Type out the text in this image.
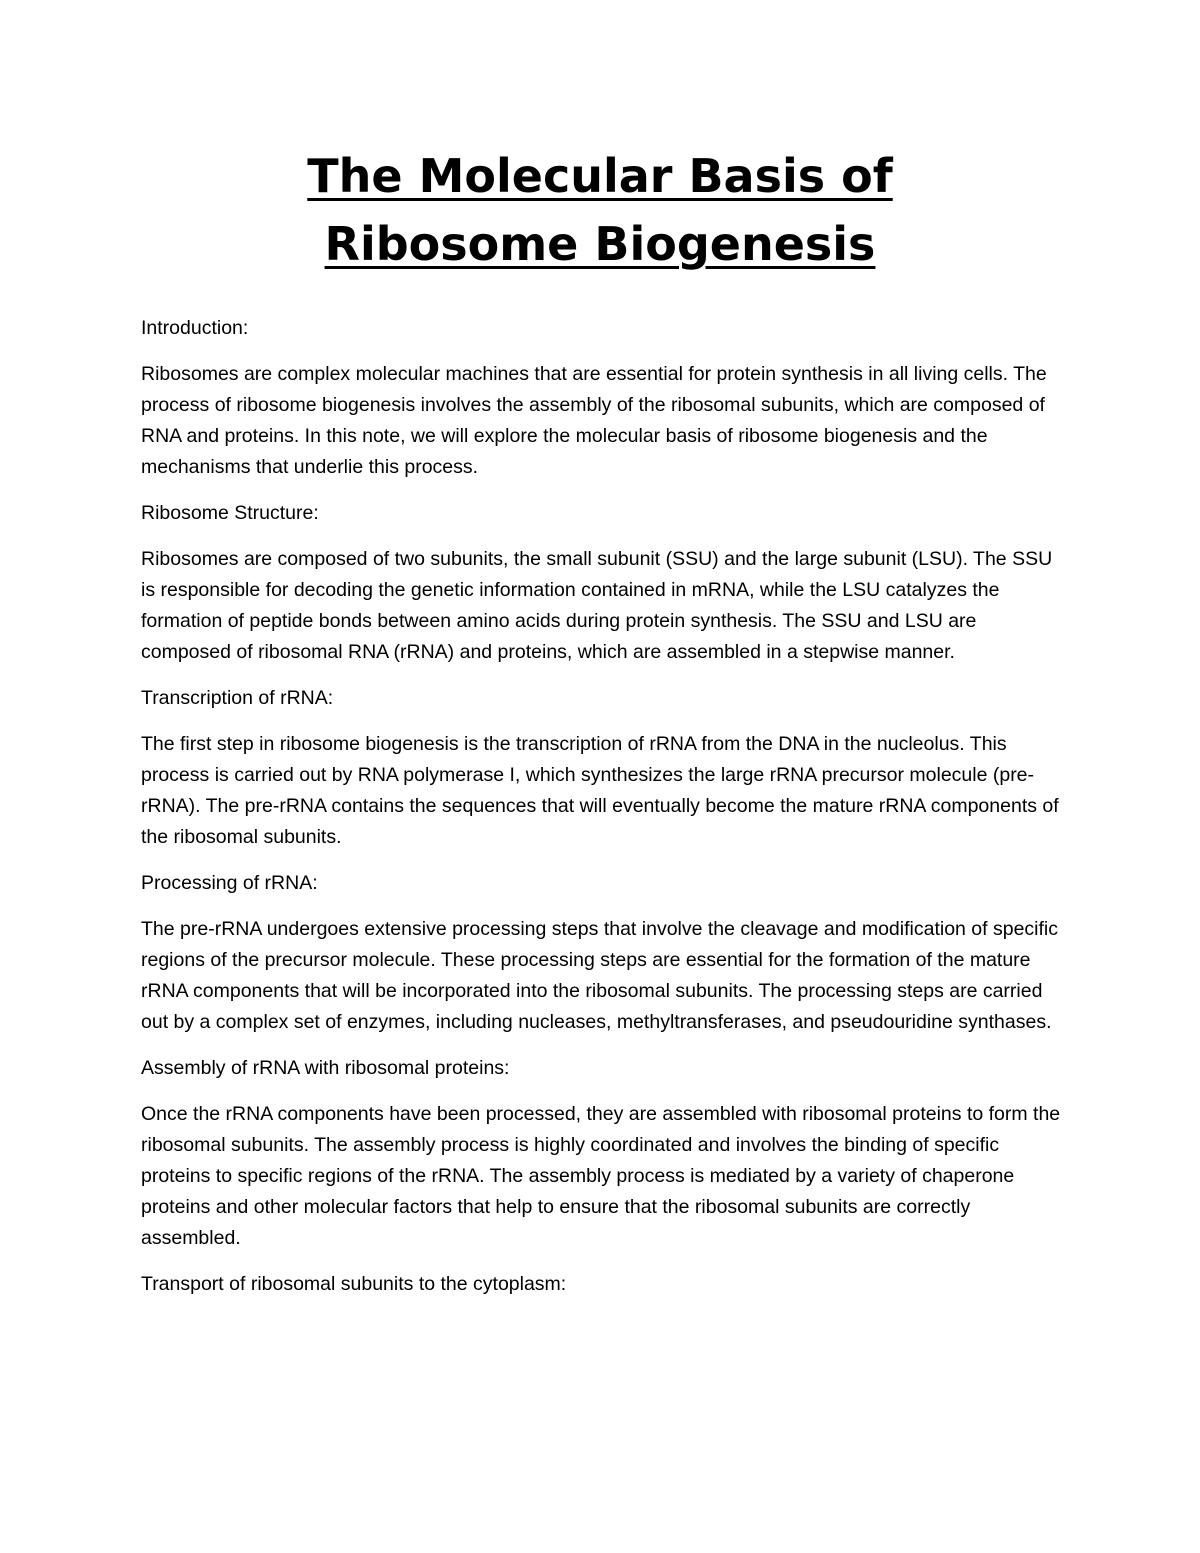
The Molecular Basis of
Ribosome Biogenesis

Introduction:

Ribosomes are complex molecular machines that are essential for protein synthesis in all living cells. The process of ribosome biogenesis involves the assembly of the ribosomal subunits, which are composed of RNA and proteins. In this note, we will explore the molecular basis of ribosome biogenesis and the mechanisms that underlie this process.

Ribosome Structure:

Ribosomes are composed of two subunits, the small subunit (SSU) and the large subunit (LSU). The SSU is responsible for decoding the genetic information contained in mRNA, while the LSU catalyzes the formation of peptide bonds between amino acids during protein synthesis. The SSU and LSU are composed of ribosomal RNA (rRNA) and proteins, which are assembled in a stepwise manner.

Transcription of rRNA:

The first step in ribosome biogenesis is the transcription of rRNA from the DNA in the nucleolus. This process is carried out by RNA polymerase I, which synthesizes the large rRNA precursor molecule (pre-rRNA). The pre-rRNA contains the sequences that will eventually become the mature rRNA components of the ribosomal subunits.

Processing of rRNA:

The pre-rRNA undergoes extensive processing steps that involve the cleavage and modification of specific regions of the precursor molecule. These processing steps are essential for the formation of the mature rRNA components that will be incorporated into the ribosomal subunits. The processing steps are carried out by a complex set of enzymes, including nucleases, methyltransferases, and pseudouridine synthases.

Assembly of rRNA with ribosomal proteins:

Once the rRNA components have been processed, they are assembled with ribosomal proteins to form the ribosomal subunits. The assembly process is highly coordinated and involves the binding of specific proteins to specific regions of the rRNA. The assembly process is mediated by a variety of chaperone proteins and other molecular factors that help to ensure that the ribosomal subunits are correctly assembled.

Transport of ribosomal subunits to the cytoplasm:
